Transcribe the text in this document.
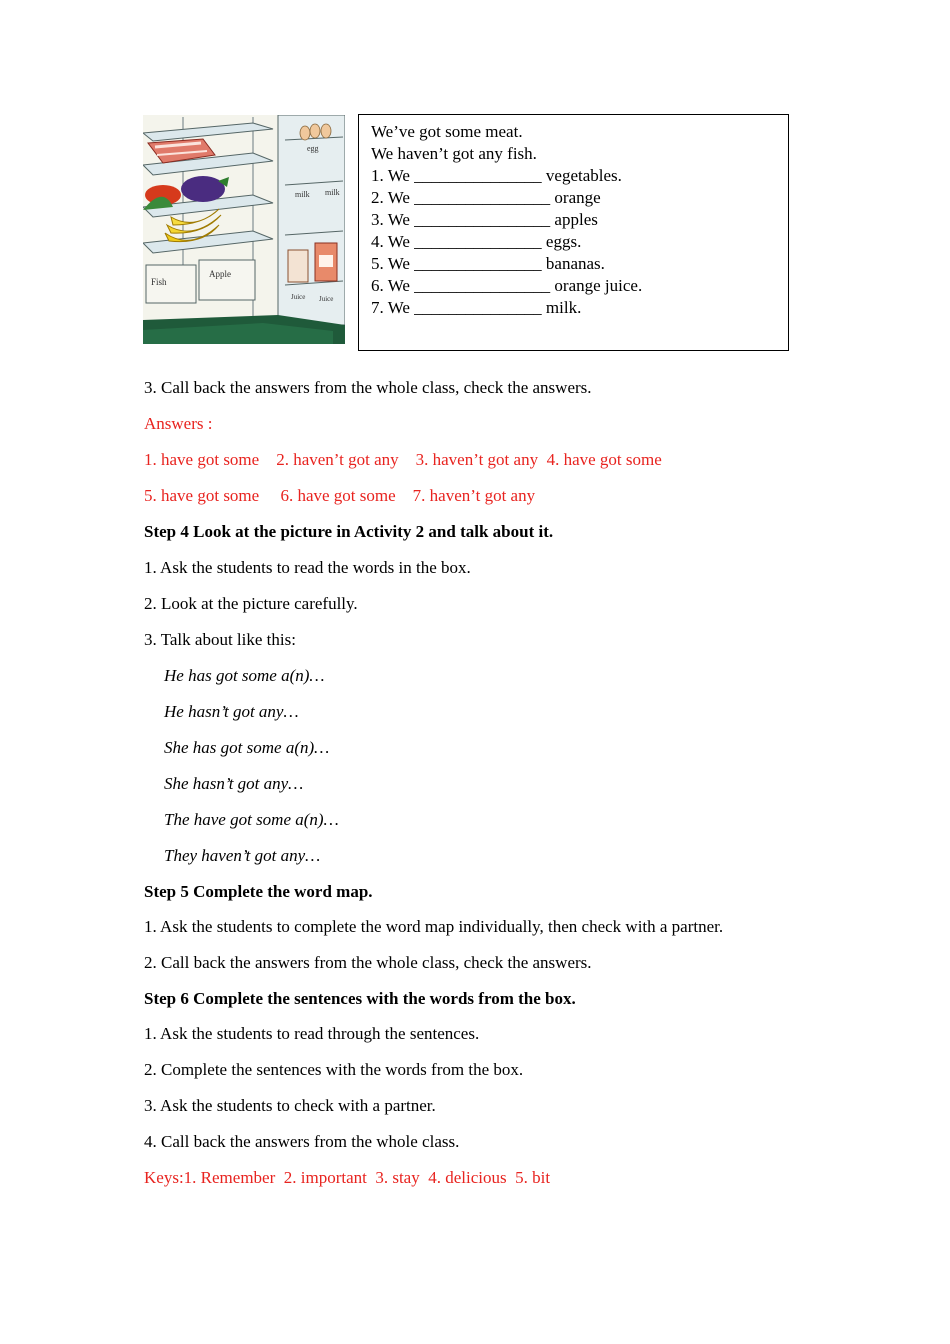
Fish
Apple
egg
milk milk
Juice Juice
We’ve got some meat.
We haven’t got any fish.
1. We _______________ vegetables.
2. We ________________ orange
3. We ________________ apples
4. We _______________ eggs.
5. We _______________ bananas.
6. We ________________ orange juice.
7. We _______________ milk.
3. Call back the answers from the whole class, check the answers.
Answers :
1. have got some    2. haven’t got any    3. haven’t got any  4. have got some
5. have got some     6. have got some    7. haven’t got any
Step 4 Look at the picture in Activity 2 and talk about it.
1. Ask the students to read the words in the box.
2. Look at the picture carefully.
3. Talk about like this:
He has got some a(n)…
He hasn’t got any…
She has got some a(n)…
She hasn’t got any…
The have got some a(n)…
They haven’t got any…
Step 5 Complete the word map.
1. Ask the students to complete the word map individually, then check with a partner.
2. Call back the answers from the whole class, check the answers.
Step 6 Complete the sentences with the words from the box.
1. Ask the students to read through the sentences.
2. Complete the sentences with the words from the box.
3. Ask the students to check with a partner.
4. Call back the answers from the whole class.
Keys:1. Remember  2. important  3. stay  4. delicious  5. bit
